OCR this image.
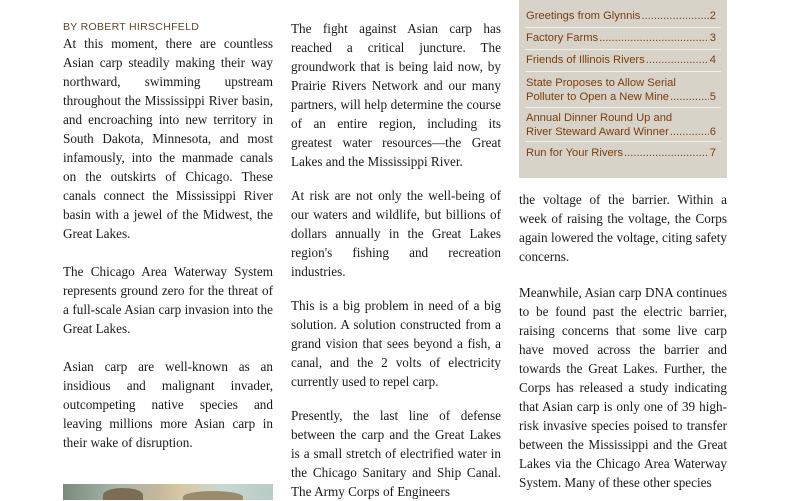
BY ROBERT HIRSCHFELD

At this moment, there are countless Asian carp steadily making their way northward, swimming upstream throughout the Mississippi River basin, and encroaching into new territory in South Dakota, Minnesota, and most infamously, into the manmade canals on the outskirts of Chicago. These canals connect the Mississippi River basin with a jewel of the Midwest, the Great Lakes.

The Chicago Area Waterway System represents ground zero for the threat of a full-scale Asian carp invasion into the Great Lakes.

Asian carp are well-known as an insidious and malignant invader, outcompeting native species and leaving millions more Asian carp in their wake of disruption.

The fight against Asian carp has reached a critical juncture. The groundwork that is being laid now, by Prairie Rivers Network and our many partners, will help determine the course of an entire region, including its greatest water resources—the Great Lakes and the Mississippi River.

At risk are not only the well-being of our waters and wildlife, but billions of dollars annually in the Great Lakes region's fishing and recreation industries.

This is a big problem in need of a big solution. A solution constructed from a grand vision that sees beyond a fish, a canal, and the 2 volts of electricity currently used to repel carp.

Presently, the last line of defense between the carp and the Great Lakes is a small stretch of electrified water in the Chicago Sanitary and Ship Canal. The Army Corps of Engineers

Greetings from Glynnis .....	2
Factory Farms .....	3
Friends of Illinois Rivers .....	4
State Proposes to Allow Serial
Polluter to Open a New Mine .....	5
Annual Dinner Round Up and
River Steward Award Winner .....	6
Run for Your Rivers .....	7

the voltage of the barrier. Within a week of raising the voltage, the Corps again lowered the voltage, citing safety concerns.

Meanwhile, Asian carp DNA continues to be found past the electric barrier, raising concerns that some live carp have moved across the barrier and towards the Great Lakes. Further, the Corps has released a study indicating that Asian carp is only one of 39 high-risk invasive species poised to transfer between the Mississippi and the Great Lakes via the Chicago Area Waterway System. Many of these other species
